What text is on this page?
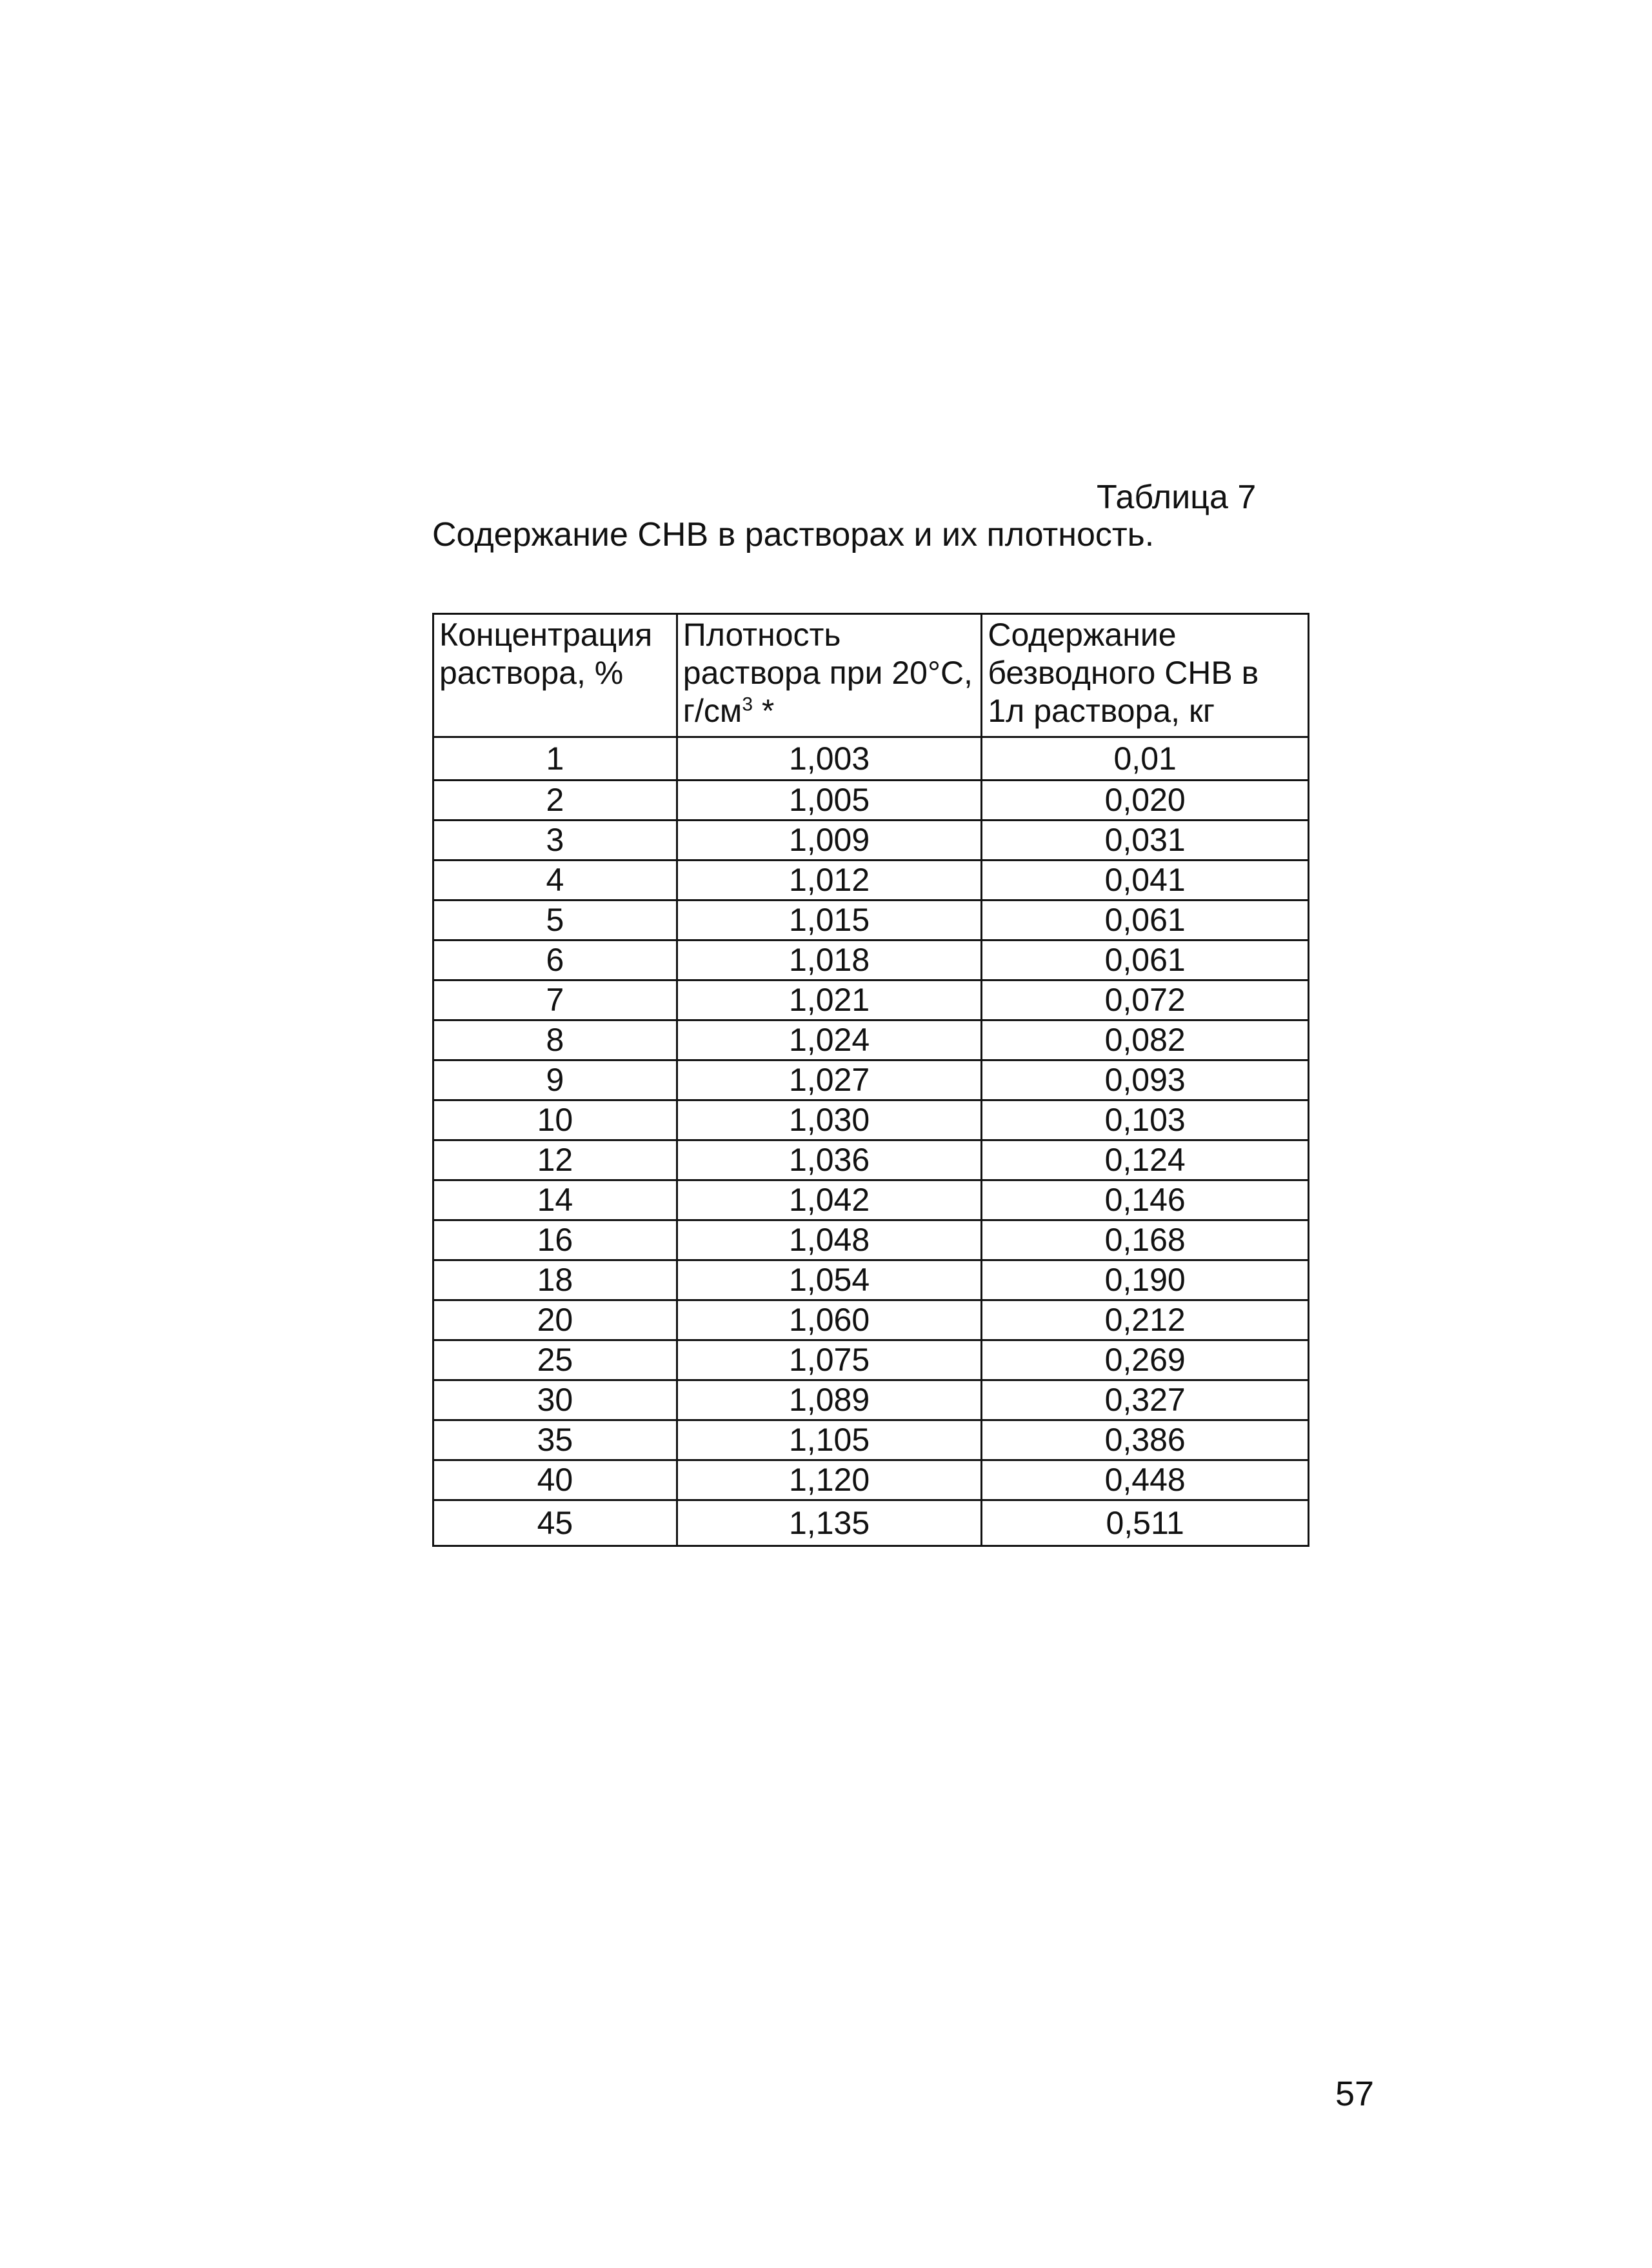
Таблица 7
Содержание СНВ в растворах и их плотность.
Концентрация раствора, %	Плотность раствора при 20°С, $г/см^3$ *	Содержание безводного СНВ в 1л раствора, кг
1	1,003	0,01
2	1,005	0,020
3	1,009	0,031
4	1,012	0,041
5	1,015	0,061
6	1,018	0,061
7	1,021	0,072
8	1,024	0,082
9	1,027	0,093
10	1,030	0,103
12	1,036	0,124
14	1,042	0,146
16	1,048	0,168
18	1,054	0,190
20	1,060	0,212
25	1,075	0,269
30	1,089	0,327
35	1,105	0,386
40	1,120	0,448
45	1,135	0,511
57
